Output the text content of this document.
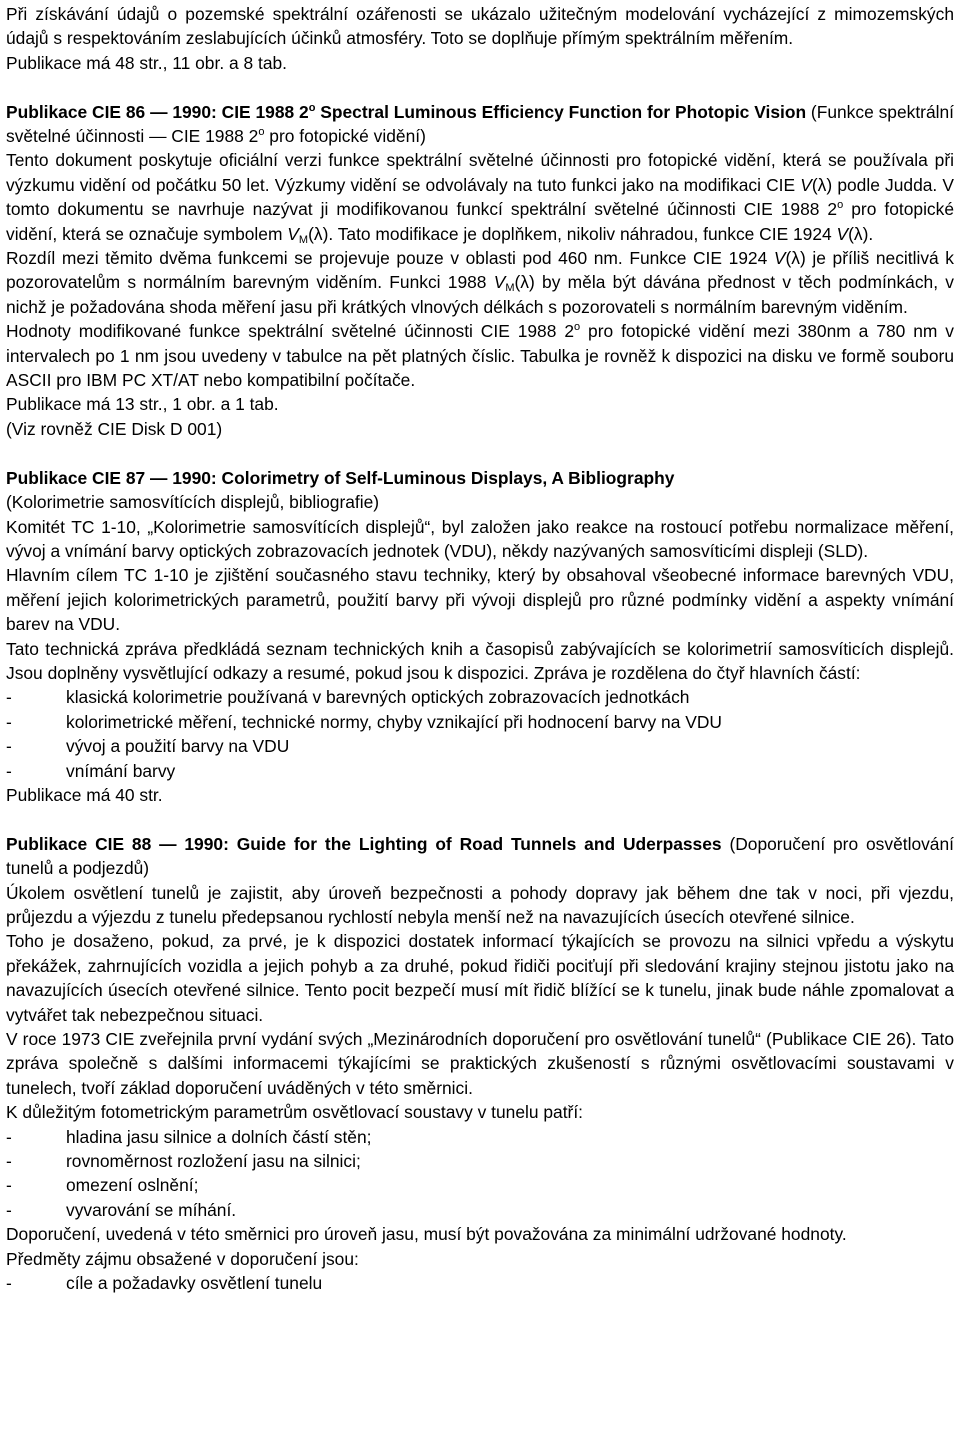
Při získávání údajů o pozemské spektrální ozářenosti se ukázalo užitečným modelování vycházející z mimozemských údajů s respektováním zeslabujících účinků atmosféry. Toto se doplňuje přímým spektrálním měřením.

Publikace má 48 str., 11 obr. a 8 tab.

Publikace CIE 86 — 1990: CIE 1988 2$^o$ Spectral Luminous Efficiency Function for Photopic Vision (Funkce spektrální světelné účinnosti — CIE 1988 2$^o$ pro fotopické vidění)

Tento dokument poskytuje oficiální verzi funkce spektrální světelné účinnosti pro fotopické vidění, která se používala při výzkumu vidění od počátku 50 let. Výzkumy vidění se odvolávaly na tuto funkci jako na modifikaci CIE V(λ) podle Judda. V tomto dokumentu se navrhuje nazývat ji modifikovanou funkcí spektrální světelné účinnosti CIE 1988 2$^o$ pro fotopické vidění, která se označuje symbolem $V_M(\lambda)$. Tato modifikace je doplňkem, nikoliv náhradou, funkce CIE 1924 V(λ).

Rozdíl mezi těmito dvěma funkcemi se projevuje pouze v oblasti pod 460 nm. Funkce CIE 1924 V(λ) je příliš necitlivá k pozorovatelům s normálním barevným viděním. Funkci 1988 $V_M(\lambda)$ by měla být dávána přednost v těch podmínkách, v nichž je požadována shoda měření jasu při krátkých vlnových délkách s pozorovateli s normálním barevným viděním.

Hodnoty modifikované funkce spektrální světelné účinnosti CIE 1988 2$^o$ pro fotopické vidění mezi 380nm a 780 nm v intervalech po 1 nm jsou uvedeny v tabulce na pět platných číslic. Tabulka je rovněž k dispozici na disku ve formě souboru ASCII pro IBM PC XT/AT nebo kompatibilní počítače.

Publikace má 13 str., 1 obr. a 1 tab.

(Viz rovněž CIE Disk D 001)

Publikace CIE 87 — 1990: Colorimetry of Self-Luminous Displays, A Bibliography

(Kolorimetrie samosvítících displejů, bibliografie)

Komitét TC 1-10, „Kolorimetrie samosvítících displejů“, byl založen jako reakce na rostoucí potřebu normalizace měření, vývoj a vnímání barvy optických zobrazovacích jednotek (VDU), někdy nazývaných samosvíticími displeji (SLD).

Hlavním cílem TC 1-10 je zjištění současného stavu techniky, který by obsahoval všeobecné informace barevných VDU, měření jejich kolorimetrických parametrů, použití barvy při vývoji displejů pro různé podmínky vidění a aspekty vnímání barev na VDU.

Tato technická zpráva předkládá seznam technických knih a časopisů zabývajících se kolorimetrií samosvíticích displejů. Jsou doplněny vysvětlující odkazy a resumé, pokud jsou k dispozici. Zpráva je rozdělena do čtyř hlavních částí:

-	klasická kolorimetrie používaná v barevných optických zobrazovacích jednotkách
-	kolorimetrické měření, technické normy, chyby vznikající při hodnocení barvy na VDU
-	vývoj a použití barvy na VDU
-	vnímání barvy

Publikace má 40 str.

Publikace CIE 88 — 1990: Guide for the Lighting of Road Tunnels and Uderpasses (Doporučení pro osvětlování tunelů a podjezdů)

Úkolem osvětlení tunelů je zajistit, aby úroveň bezpečnosti a pohody dopravy jak během dne tak v noci, při vjezdu, průjezdu a výjezdu z tunelu předepsanou rychlostí nebyla menší než na navazujících úsecích otevřené silnice.

Toho je dosaženo, pokud, za prvé, je k dispozici dostatek informací týkajících se provozu na silnici vpředu a výskytu překážek, zahrnujících vozidla a jejich pohyb a za druhé, pokud řidiči pociťují při sledování krajiny stejnou jistotu jako na navazujících úsecích otevřené silnice. Tento pocit bezpečí musí mít řidič blížící se k tunelu, jinak bude náhle zpomalovat a vytvářet tak nebezpečnou situaci.

V roce 1973 CIE zveřejnila první vydání svých „Mezinárodních doporučení pro osvětlování tunelů“ (Publikace CIE 26). Tato zpráva společně s dalšími informacemi týkajícími se praktických zkušeností s různými osvětlovacími soustavami v tunelech, tvoří základ doporučení uváděných v této směrnici.

K důležitým fotometrickým parametrům osvětlovací soustavy v tunelu patří:

-	hladina jasu silnice a dolních částí stěn;
-	rovnoměrnost rozložení jasu na silnici;
-	omezení oslnění;
-	vyvarování se míhání.

Doporučení, uvedená v této směrnici pro úroveň jasu, musí být považována za minimální udržované hodnoty.

Předměty zájmu obsažené v doporučení jsou:

-	cíle a požadavky osvětlení tunelu
